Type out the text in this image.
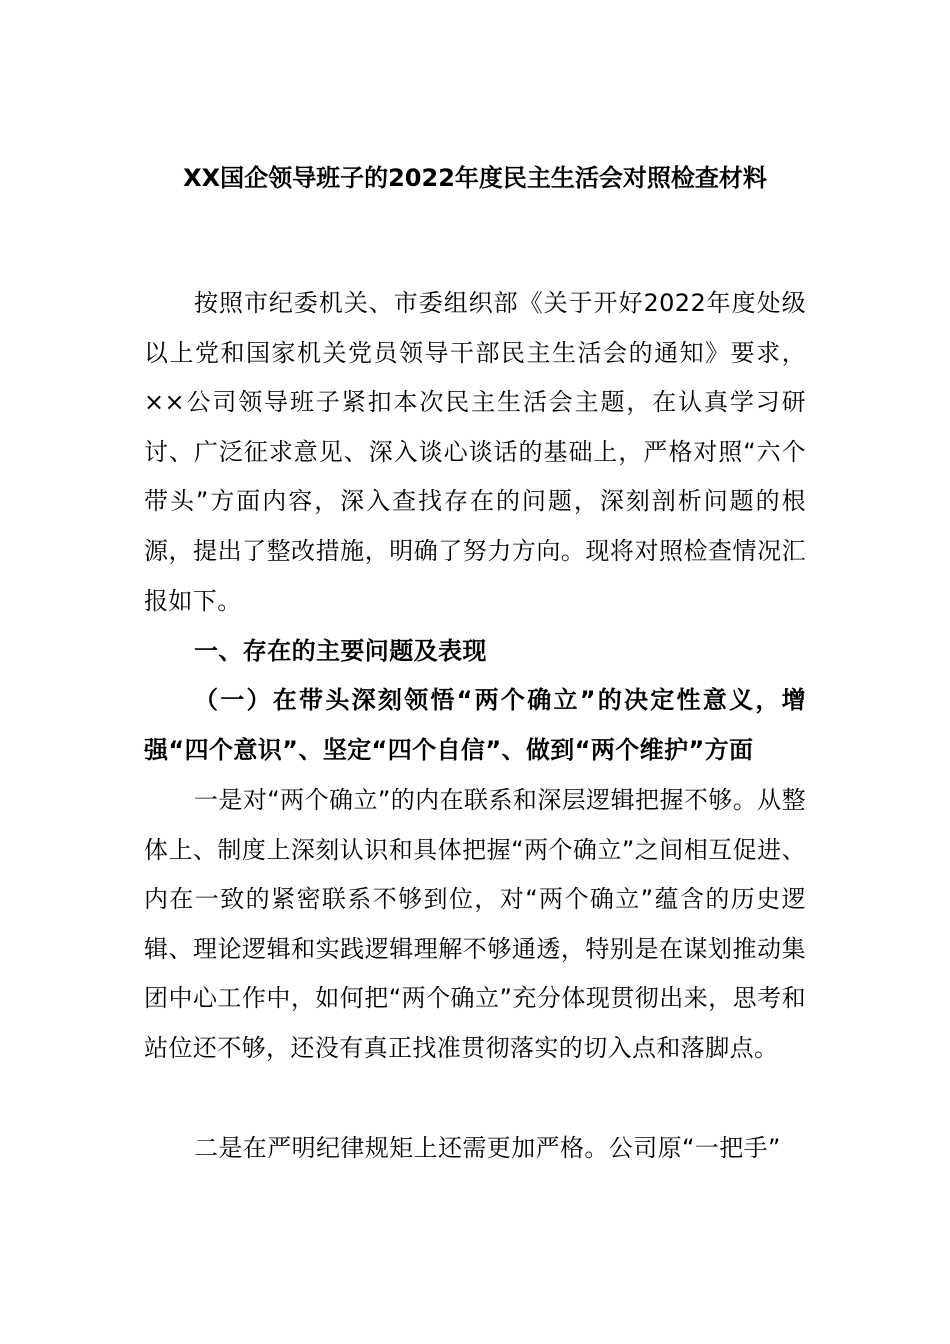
XX国企领导班子的2022年度民主生活会对照检查材料

按照市纪委机关、市委组织部《关于开好2022年度处级以上党和国家机关党员领导干部民主生活会的通知》要求，××公司领导班子紧扣本次民主生活会主题，在认真学习研讨、广泛征求意见、深入谈心谈话的基础上，严格对照“六个带头”方面内容，深入查找存在的问题，深刻剖析问题的根源，提出了整改措施，明确了努力方向。现将对照检查情况汇报如下。

一、存在的主要问题及表现

（一）在带头深刻领悟“两个确立”的决定性意义，增强“四个意识”、坚定“四个自信”、做到“两个维护”方面

一是对“两个确立”的内在联系和深层逻辑把握不够。从整体上、制度上深刻认识和具体把握“两个确立”之间相互促进、内在一致的紧密联系不够到位，对“两个确立”蕴含的历史逻辑、理论逻辑和实践逻辑理解不够通透，特别是在谋划推动集团中心工作中，如何把“两个确立”充分体现贯彻出来，思考和站位还不够，还没有真正找准贯彻落实的切入点和落脚点。

二是在严明纪律规矩上还需更加严格。公司原“一把手”
